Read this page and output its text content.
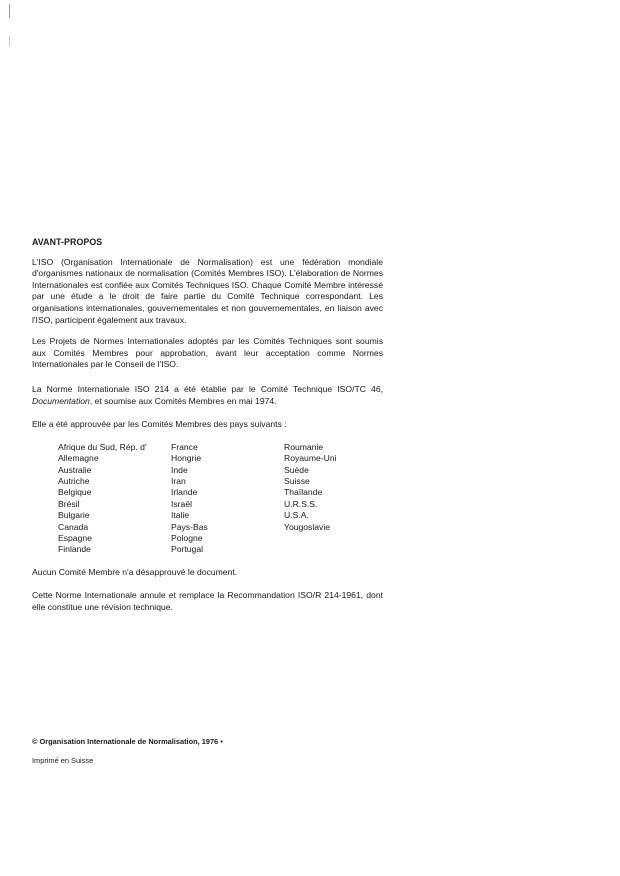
AVANT-PROPOS

L'ISO (Organisation Internationale de Normalisation) est une fédération mondiale d'organismes nationaux de normalisation (Comités Membres ISO). L'élaboration de Normes Internationales est confiée aux Comités Techniques ISO. Chaque Comité Membre intéressé par une étude a le droit de faire partie du Comité Technique correspondant. Les organisations internationales, gouvernementales et non gouvernementales, en liaison avec l'ISO, participent également aux travaux.

Les Projets de Normes Internationales adoptés par les Comités Techniques sont soumis aux Comités Membres pour approbation, avant leur acceptation comme Normes Internationales par le Conseil de l'ISO.

La Norme Internationale ISO 214 a été établie par le Comité Technique ISO/TC 46, Documentation, et soumise aux Comités Membres en mai 1974.

Elle a été approuvée par les Comités Membres des pays suivants :

Afrique du Sud, Rép. d'
Allemagne
Australie
Autriche
Belgique
Brésil
Bulgarie
Canada
Espagne
Finlande
France
Hongrie
Inde
Iran
Irlande
Israël
Italie
Pays-Bas
Pologne
Portugal
Roumanie
Royaume-Uni
Suède
Suisse
Thaïlande
U.R.S.S.
U.S.A.
Yougoslavie

Aucun Comité Membre n'a désapprouvé le document.

Cette Norme Internationale annule et remplace la Recommandation ISO/R 214-1961, dont elle constitue une révision technique.

© Organisation Internationale de Normalisation, 1976 •
Imprimé en Suisse
